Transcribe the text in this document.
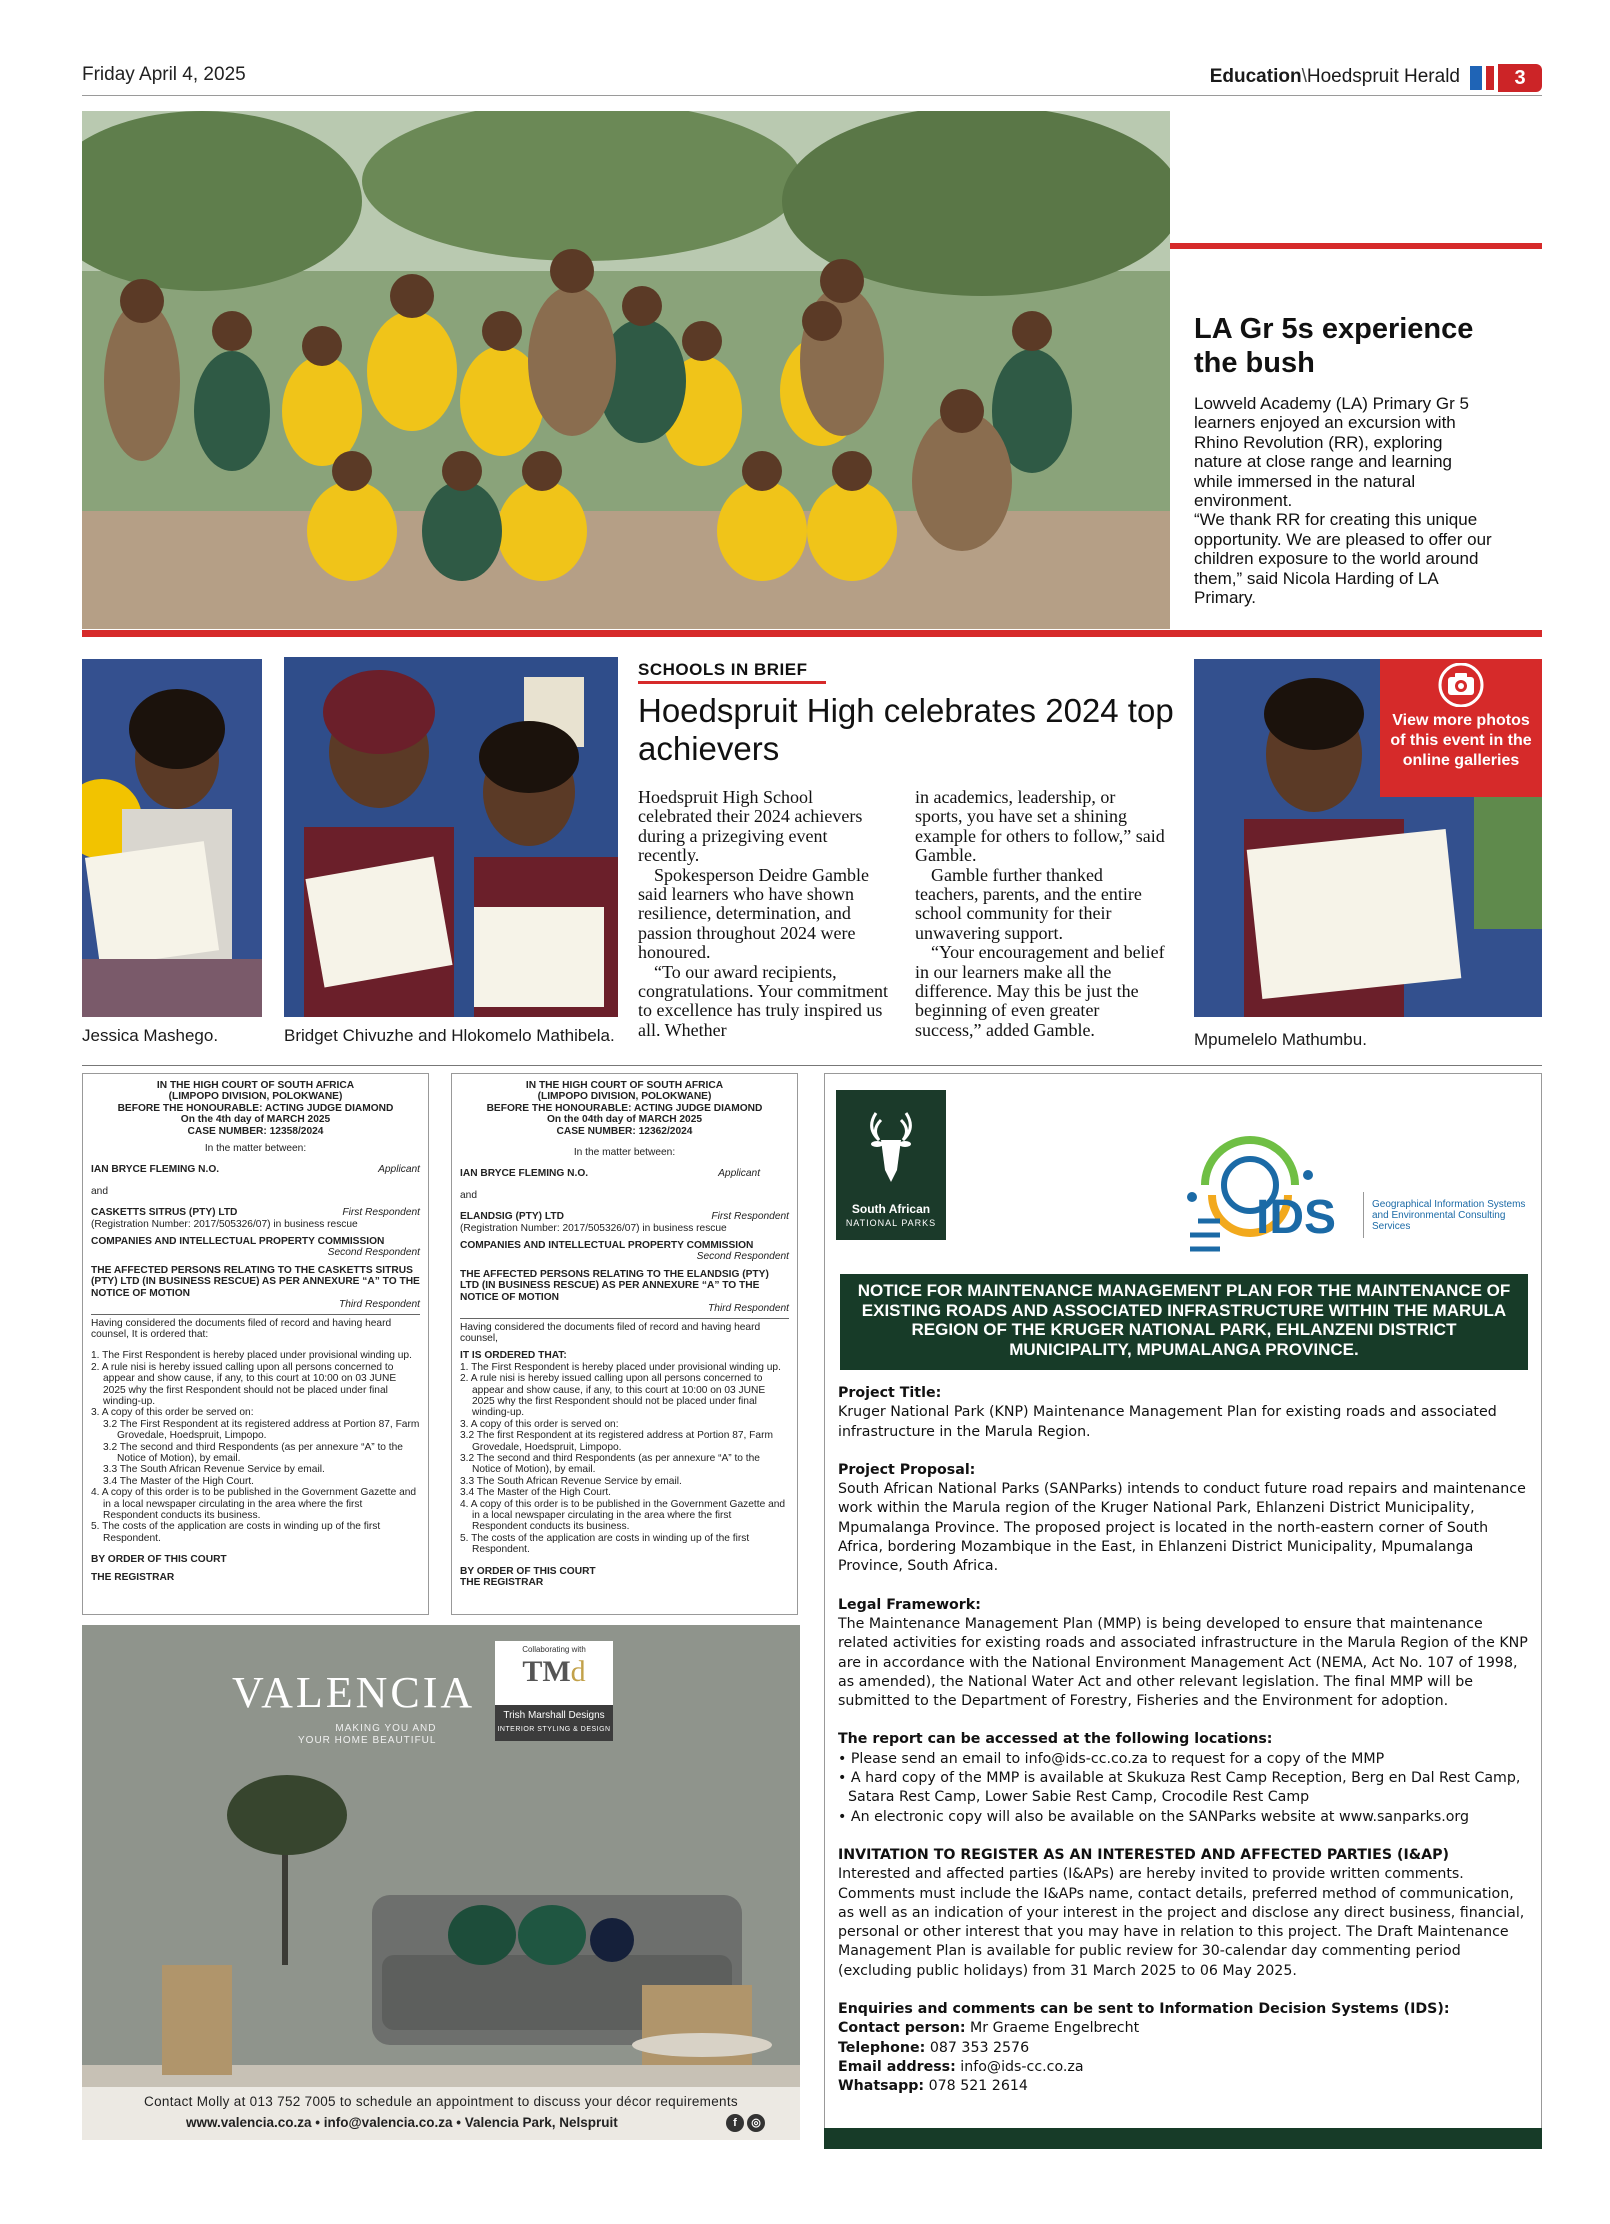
Friday April 4, 2025	Education\Hoedspruit Herald	3
LA Gr 5s experience the bush

Lowveld Academy (LA) Primary Gr 5 learners enjoyed an excursion with Rhino Revolution (RR), exploring nature at close range and learning while immersed in the natural environment.

“We thank RR for creating this unique opportunity. We are pleased to offer our children exposure to the world around them,” said Nicola Harding of LA Primary.

Jessica Mashego.	Bridget Chivuzhe and Hlokomelo Mathibela.
SCHOOLS IN BRIEF
Hoedspruit High celebrates 2024 top achievers

Hoedspruit High School celebrated their 2024 achievers during a prizegiving event recently.

Spokesperson Deidre Gamble said learners who have shown resilience, determination, and passion throughout 2024 were honoured.

“To our award recipients, congratulations. Your commitment to excellence has truly inspired us all. Whether

in academics, leadership, or sports, you have set a shining example for others to follow,” said Gamble.

Gamble further thanked teachers, parents, and the entire school community for their unwavering support.

“Your encouragement and belief in our learners make all the difference. May this be just the beginning of even greater success,” added Gamble.

View more photos of this event in the online galleries
Mpumelelo Mathumbu.
IN THE HIGH COURT OF SOUTH AFRICA
(LIMPOPO DIVISION, POLOKWANE)
BEFORE THE HONOURABLE: ACTING JUDGE DIAMOND
On the 4th day of MARCH 2025
CASE NUMBER: 12358/2024
In the matter between:
IAN BRYCE FLEMING N.O.	Applicant
and
CASKETTS SITRUS (PTY) LTD	First Respondent
(Registration Number: 2017/505326/07) in business rescue
COMPANIES AND INTELLECTUAL PROPERTY COMMISSION
Second Respondent
THE AFFECTED PERSONS RELATING TO THE CASKETTS SITRUS (PTY) LTD (IN BUSINESS RESCUE) AS PER ANNEXURE “A” TO THE NOTICE OF MOTION
Third Respondent
Having considered the documents filed of record and having heard counsel, It is ordered that:
1. The First Respondent is hereby placed under provisional winding up.
2. A rule nisi is hereby issued calling upon all persons concerned to appear and show cause, if any, to this court at 10:00 on 03 JUNE 2025 why the first Respondent should not be placed under final winding-up.
3. A copy of this order be served on:
3.2 The First Respondent at its registered address at Portion 87, Farm Grovedale, Hoedspruit, Limpopo.
3.2 The second and third Respondents (as per annexure “A” to the Notice of Motion), by email.
3.3 The South African Revenue Service by email.
3.4 The Master of the High Court.
4. A copy of this order is to be published in the Government Gazette and in a local newspaper circulating in the area where the first Respondent conducts its business.
5. The costs of the application are costs in winding up of the first Respondent.
BY ORDER OF THIS COURT
THE REGISTRAR
IN THE HIGH COURT OF SOUTH AFRICA
(LIMPOPO DIVISION, POLOKWANE)
BEFORE THE HONOURABLE: ACTING JUDGE DIAMOND
On the 04th day of MARCH 2025
CASE NUMBER: 12362/2024
In the matter between:
IAN BRYCE FLEMING N.O.	Applicant
and
ELANDSIG (PTY) LTD	First Respondent
(Registration Number: 2017/505326/07) in business rescue
COMPANIES AND INTELLECTUAL PROPERTY COMMISSION
Second Respondent
THE AFFECTED PERSONS RELATING TO THE ELANDSIG (PTY) LTD (IN BUSINESS RESCUE) AS PER ANNEXURE “A” TO THE NOTICE OF MOTION
Third Respondent
Having considered the documents filed of record and having heard counsel,
IT IS ORDERED THAT:
1. The First Respondent is hereby placed under provisional winding up.
2. A rule nisi is hereby issued calling upon all persons concerned to appear and show cause, if any, to this court at 10:00 on 03 JUNE 2025 why the first Respondent should not be placed under final winding-up.
3. A copy of this order is served on:
3.2 The first Respondent at its registered address at Portion 87, Farm Grovedale, Hoedspruit, Limpopo.
3.2 The second and third Respondents (as per annexure “A” to the Notice of Motion), by email.
3.3 The South African Revenue Service by email.
3.4 The Master of the High Court.
4. A copy of this order is to be published in the Government Gazette and in a local newspaper circulating in the area where the first Respondent conducts its business.
5. The costs of the application are costs in winding up of the first Respondent.
BY ORDER OF THIS COURT
THE REGISTRAR
VALENCIA
MAKING YOU AND
YOUR HOME BEAUTIFUL
Collaborating with
TMd
Trish Marshall Designs
INTERIOR STYLING & DESIGN
Contact Molly at 013 752 7005 to schedule an appointment to discuss your décor requirements
www.valencia.co.za • info@valencia.co.za • Valencia Park, Nelspruit	f ◎
South African
NATIONAL PARKS	IDS	Geographical Information Systems and Environmental Consulting Services
NOTICE FOR MAINTENANCE MANAGEMENT PLAN FOR THE MAINTENANCE OF EXISTING ROADS AND ASSOCIATED INFRASTRUCTURE WITHIN THE MARULA REGION OF THE KRUGER NATIONAL PARK, EHLANZENI DISTRICT MUNICIPALITY, MPUMALANGA PROVINCE.
Project Title:
Kruger National Park (KNP) Maintenance Management Plan for existing roads and associated infrastructure in the Marula Region.
Project Proposal:
South African National Parks (SANParks) intends to conduct future road repairs and maintenance work within the Marula region of the Kruger National Park, Ehlanzeni District Municipality, Mpumalanga Province. The proposed project is located in the north-eastern corner of South Africa, bordering Mozambique in the East, in Ehlanzeni District Municipality, Mpumalanga Province, South Africa.
Legal Framework:
The Maintenance Management Plan (MMP) is being developed to ensure that maintenance related activities for existing roads and associated infrastructure in the Marula Region of the KNP are in accordance with the National Environment Management Act (NEMA, Act No. 107 of 1998, as amended), the National Water Act and other relevant legislation. The final MMP will be submitted to the Department of Forestry, Fisheries and the Environment for adoption.
The report can be accessed at the following locations:
• Please send an email to info@ids-cc.co.za to request for a copy of the MMP
• A hard copy of the MMP is available at Skukuza Rest Camp Reception, Berg en Dal Rest Camp, Satara Rest Camp, Lower Sabie Rest Camp, Crocodile Rest Camp
• An electronic copy will also be available on the SANParks website at www.sanparks.org
INVITATION TO REGISTER AS AN INTERESTED AND AFFECTED PARTIES (I&AP)
Interested and affected parties (I&APs) are hereby invited to provide written comments. Comments must include the I&APs name, contact details, preferred method of communication, as well as an indication of your interest in the project and disclose any direct business, financial, personal or other interest that you may have in relation to this project. The Draft Maintenance Management Plan is available for public review for 30-calendar day commenting period (excluding public holidays) from 31 March 2025 to 06 May 2025.
Enquiries and comments can be sent to Information Decision Systems (IDS):
Contact person: Mr Graeme Engelbrecht
Telephone: 087 353 2576
Email address: info@ids-cc.co.za
Whatsapp: 078 521 2614
